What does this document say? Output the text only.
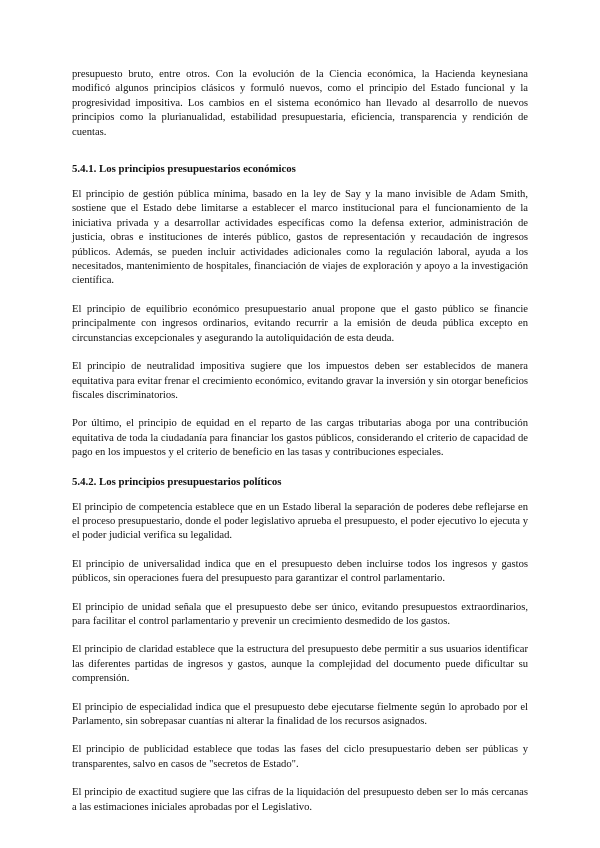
presupuesto bruto, entre otros. Con la evolución de la Ciencia económica, la Hacienda keynesiana modificó algunos principios clásicos y formuló nuevos, como el principio del Estado funcional y la progresividad impositiva. Los cambios en el sistema económico han llevado al desarrollo de nuevos principios como la plurianualidad, estabilidad presupuestaria, eficiencia, transparencia y rendición de cuentas.

5.4.1. Los principios presupuestarios económicos

El principio de gestión pública mínima, basado en la ley de Say y la mano invisible de Adam Smith, sostiene que el Estado debe limitarse a establecer el marco institucional para el funcionamiento de la iniciativa privada y a desarrollar actividades específicas como la defensa exterior, administración de justicia, obras e instituciones de interés público, gastos de representación y recaudación de ingresos públicos. Además, se pueden incluir actividades adicionales como la regulación laboral, ayuda a los necesitados, mantenimiento de hospitales, financiación de viajes de exploración y apoyo a la investigación científica.

El principio de equilibrio económico presupuestario anual propone que el gasto público se financie principalmente con ingresos ordinarios, evitando recurrir a la emisión de deuda pública excepto en circunstancias excepcionales y asegurando la autoliquidación de esta deuda.

El principio de neutralidad impositiva sugiere que los impuestos deben ser establecidos de manera equitativa para evitar frenar el crecimiento económico, evitando gravar la inversión y sin otorgar beneficios fiscales discriminatorios.

Por último, el principio de equidad en el reparto de las cargas tributarias aboga por una contribución equitativa de toda la ciudadanía para financiar los gastos públicos, considerando el criterio de capacidad de pago en los impuestos y el criterio de beneficio en las tasas y contribuciones especiales.

5.4.2. Los principios presupuestarios políticos

El principio de competencia establece que en un Estado liberal la separación de poderes debe reflejarse en el proceso presupuestario, donde el poder legislativo aprueba el presupuesto, el poder ejecutivo lo ejecuta y el poder judicial verifica su legalidad.

El principio de universalidad indica que en el presupuesto deben incluirse todos los ingresos y gastos públicos, sin operaciones fuera del presupuesto para garantizar el control parlamentario.

El principio de unidad señala que el presupuesto debe ser único, evitando presupuestos extraordinarios, para facilitar el control parlamentario y prevenir un crecimiento desmedido de los gastos.

El principio de claridad establece que la estructura del presupuesto debe permitir a sus usuarios identificar las diferentes partidas de ingresos y gastos, aunque la complejidad del documento puede dificultar su comprensión.

El principio de especialidad indica que el presupuesto debe ejecutarse fielmente según lo aprobado por el Parlamento, sin sobrepasar cuantías ni alterar la finalidad de los recursos asignados.

El principio de publicidad establece que todas las fases del ciclo presupuestario deben ser públicas y transparentes, salvo en casos de "secretos de Estado".

El principio de exactitud sugiere que las cifras de la liquidación del presupuesto deben ser lo más cercanas a las estimaciones iniciales aprobadas por el Legislativo.
